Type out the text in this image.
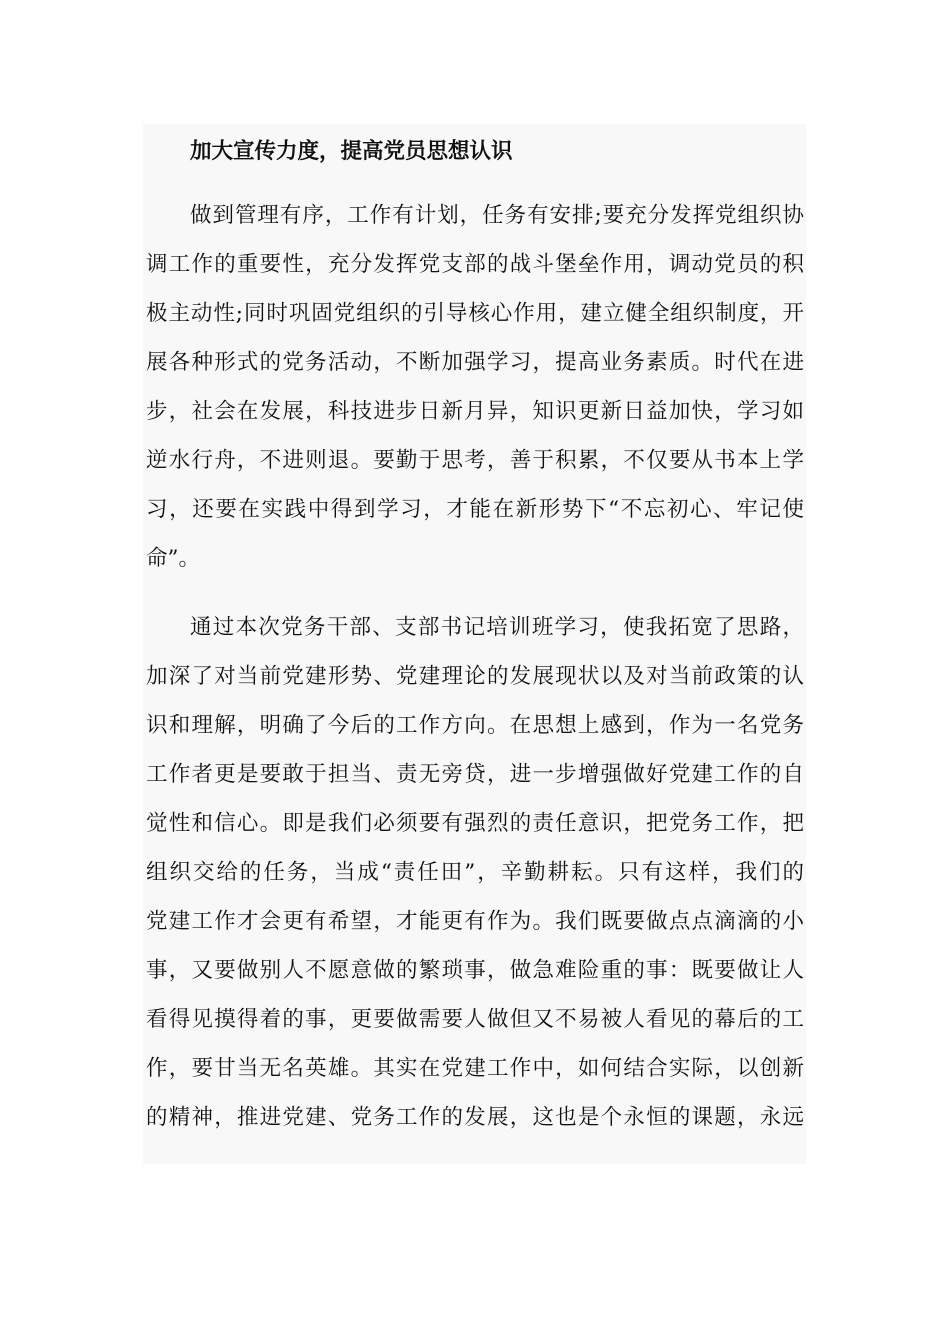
加大宣传力度，提高党员思想认识
做到管理有序，工作有计划，任务有安排;要充分发挥党组织协
调工作的重要性，充分发挥党支部的战斗堡垒作用，调动党员的积
极主动性;同时巩固党组织的引导核心作用，建立健全组织制度，开
展各种形式的党务活动，不断加强学习，提高业务素质。时代在进
步，社会在发展，科技进步日新月异，知识更新日益加快，学习如
逆水行舟，不进则退。要勤于思考，善于积累，不仅要从书本上学
习，还要在实践中得到学习，才能在新形势下“不忘初心、牢记使
命”。
通过本次党务干部、支部书记培训班学习，使我拓宽了思路，
加深了对当前党建形势、党建理论的发展现状以及对当前政策的认
识和理解，明确了今后的工作方向。在思想上感到，作为一名党务
工作者更是要敢于担当、责无旁贷，进一步增强做好党建工作的自
觉性和信心。即是我们必须要有强烈的责任意识，把党务工作，把
组织交给的任务，当成“责任田”，辛勤耕耘。只有这样，我们的
党建工作才会更有希望，才能更有作为。我们既要做点点滴滴的小
事，又要做别人不愿意做的繁琐事，做急难险重的事：既要做让人
看得见摸得着的事，更要做需要人做但又不易被人看见的幕后的工
作，要甘当无名英雄。其实在党建工作中，如何结合实际，以创新
的精神，推进党建、党务工作的发展，这也是个永恒的课题，永远
